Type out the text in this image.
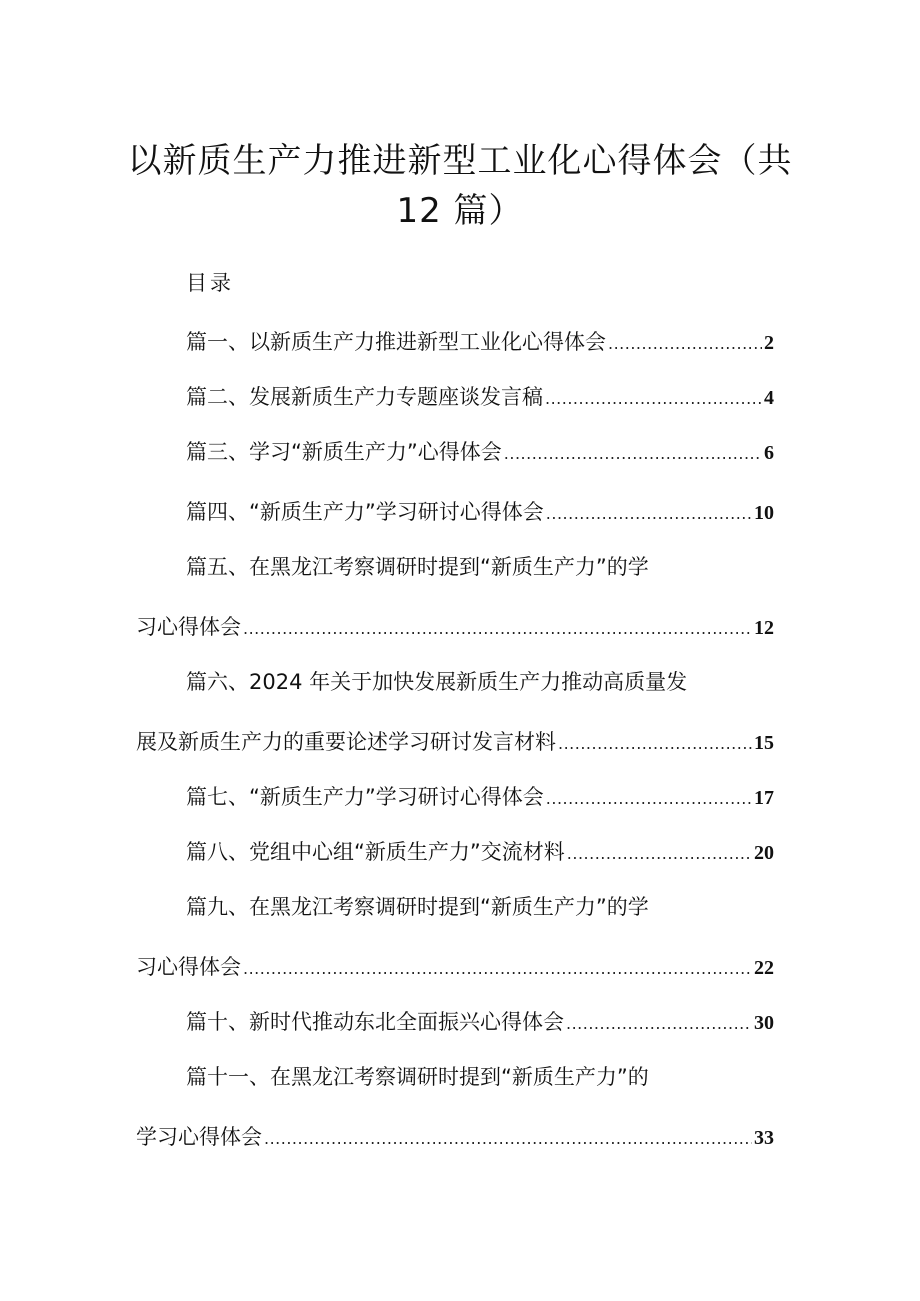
以新质生产力推进新型工业化心得体会（共
12 篇）
目录
篇一、以新质生产力推进新型工业化心得体会 .....	2
篇二、发展新质生产力专题座谈发言稿 .....	4
篇三、学习“新质生产力”心得体会 .....	6
篇四、“新质生产力”学习研讨心得体会 .....	10
篇五、在黑龙江考察调研时提到“新质生产力”的学
习心得体会 .....	12
篇六、2024 年关于加快发展新质生产力推动高质量发
展及新质生产力的重要论述学习研讨发言材料 .....	15
篇七、“新质生产力”学习研讨心得体会 .....	17
篇八、党组中心组“新质生产力”交流材料 .....	20
篇九、在黑龙江考察调研时提到“新质生产力”的学
习心得体会 .....	22
篇十、新时代推动东北全面振兴心得体会 .....	30
篇十一、在黑龙江考察调研时提到“新质生产力”的
学习心得体会 .....	33
